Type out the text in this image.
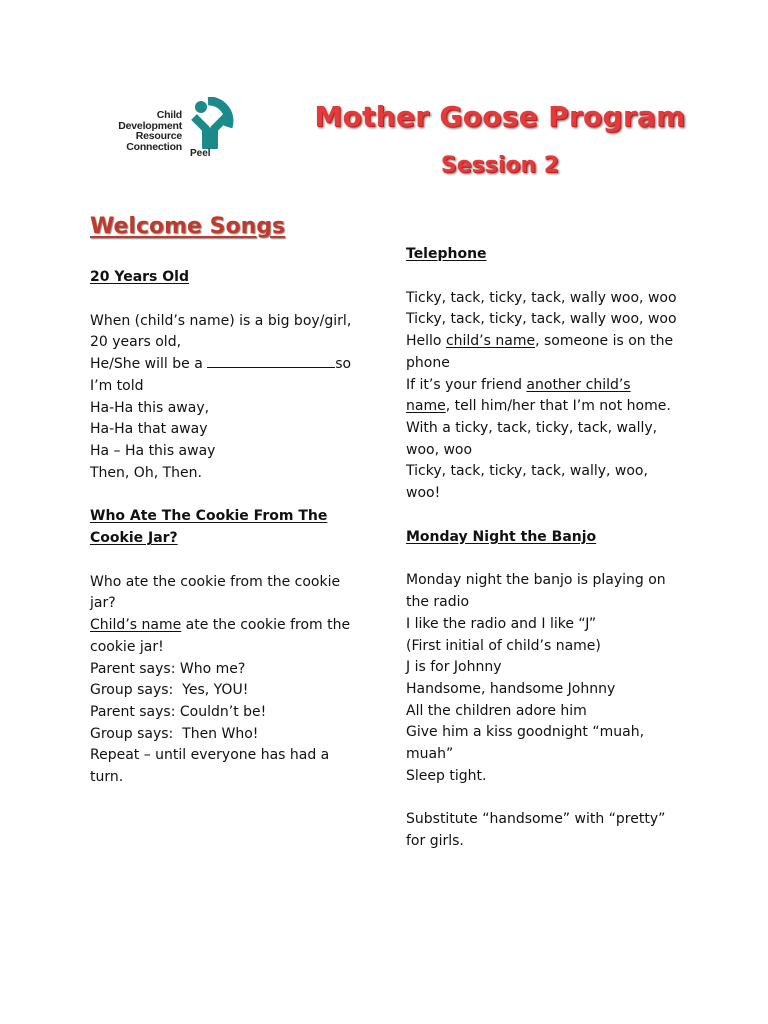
Child
Development
Resource
Connection
Peel
Mother Goose Program
Session 2
Welcome Songs
20 Years Old
When (child’s name) is a big boy/girl,
20 years old,
He/She will be a	so
I’m told
Ha-Ha this away,
Ha-Ha that away
Ha – Ha this away
Then, Oh, Then.
Who Ate The Cookie From The
Cookie Jar?
Who ate the cookie from the cookie
jar?
Child’s name ate the cookie from the
cookie jar!
Parent says: Who me?
Group says:  Yes, YOU!
Parent says: Couldn’t be!
Group says:  Then Who!
Repeat – until everyone has had a
turn.
Telephone
Ticky, tack, ticky, tack, wally woo, woo
Ticky, tack, ticky, tack, wally woo, woo
Hello child’s name, someone is on the
phone
If it’s your friend another child’s
name, tell him/her that I’m not home.
With a ticky, tack, ticky, tack, wally,
woo, woo
Ticky, tack, ticky, tack, wally, woo,
woo!
Monday Night the Banjo
Monday night the banjo is playing on
the radio
I like the radio and I like “J”
(First initial of child’s name)
J is for Johnny
Handsome, handsome Johnny
All the children adore him
Give him a kiss goodnight “muah,
muah”
Sleep tight.
Substitute “handsome” with “pretty”
for girls.
